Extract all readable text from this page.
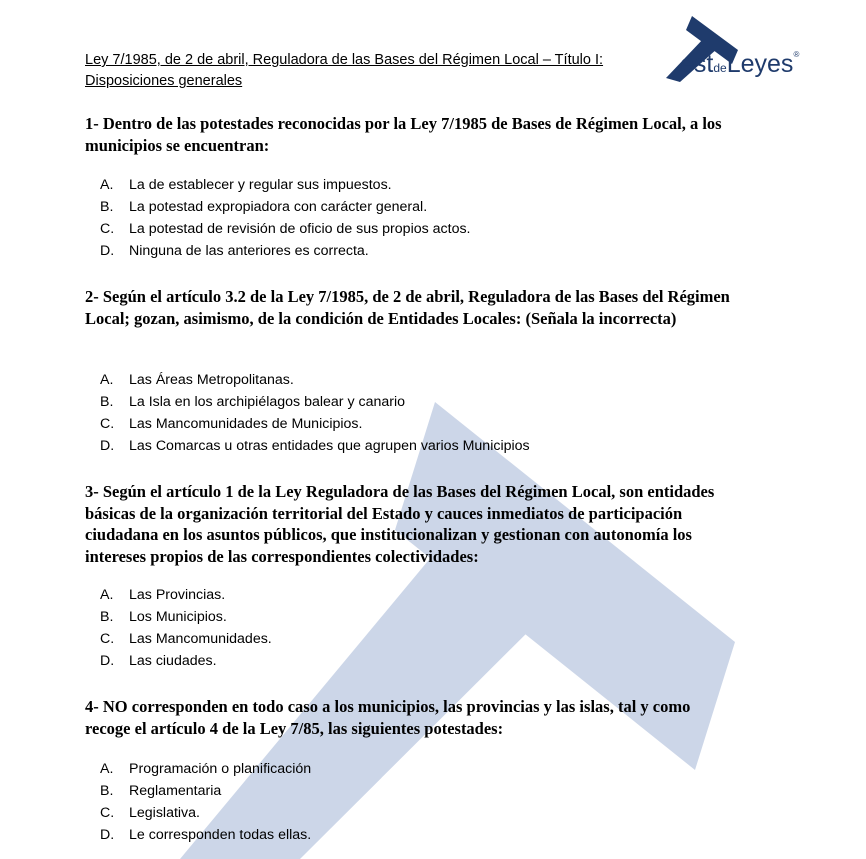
Ley 7/1985, de 2 de abril, Reguladora de las Bases del Régimen Local – Título I:
Disposiciones generales
estdeLeyes®
1- Dentro de las potestades reconocidas por la Ley 7/1985 de Bases de Régimen Local, a los municipios se encuentran:
A. La de establecer y regular sus impuestos.
B. La potestad expropiadora con carácter general.
C. La potestad de revisión de oficio de sus propios actos.
D. Ninguna de las anteriores es correcta.
2- Según el artículo 3.2 de la Ley 7/1985, de 2 de abril, Reguladora de las Bases del Régimen Local; gozan, asimismo, de la condición de Entidades Locales: (Señala la incorrecta)
A. Las Áreas Metropolitanas.
B. La Isla en los archipiélagos balear y canario
C. Las Mancomunidades de Municipios.
D. Las Comarcas u otras entidades que agrupen varios Municipios
3- Según el artículo 1 de la Ley Reguladora de las Bases del Régimen Local, son entidades básicas de la organización territorial del Estado y cauces inmediatos de participación ciudadana en los asuntos públicos, que institucionalizan y gestionan con autonomía los intereses propios de las correspondientes colectividades:
A. Las Provincias.
B. Los Municipios.
C. Las Mancomunidades.
D. Las ciudades.
4- NO corresponden en todo caso a los municipios, las provincias y las islas, tal y como recoge el artículo 4 de la Ley 7/85, las siguientes potestades:
A. Programación o planificación
B. Reglamentaria
C. Legislativa.
D. Le corresponden todas ellas.
